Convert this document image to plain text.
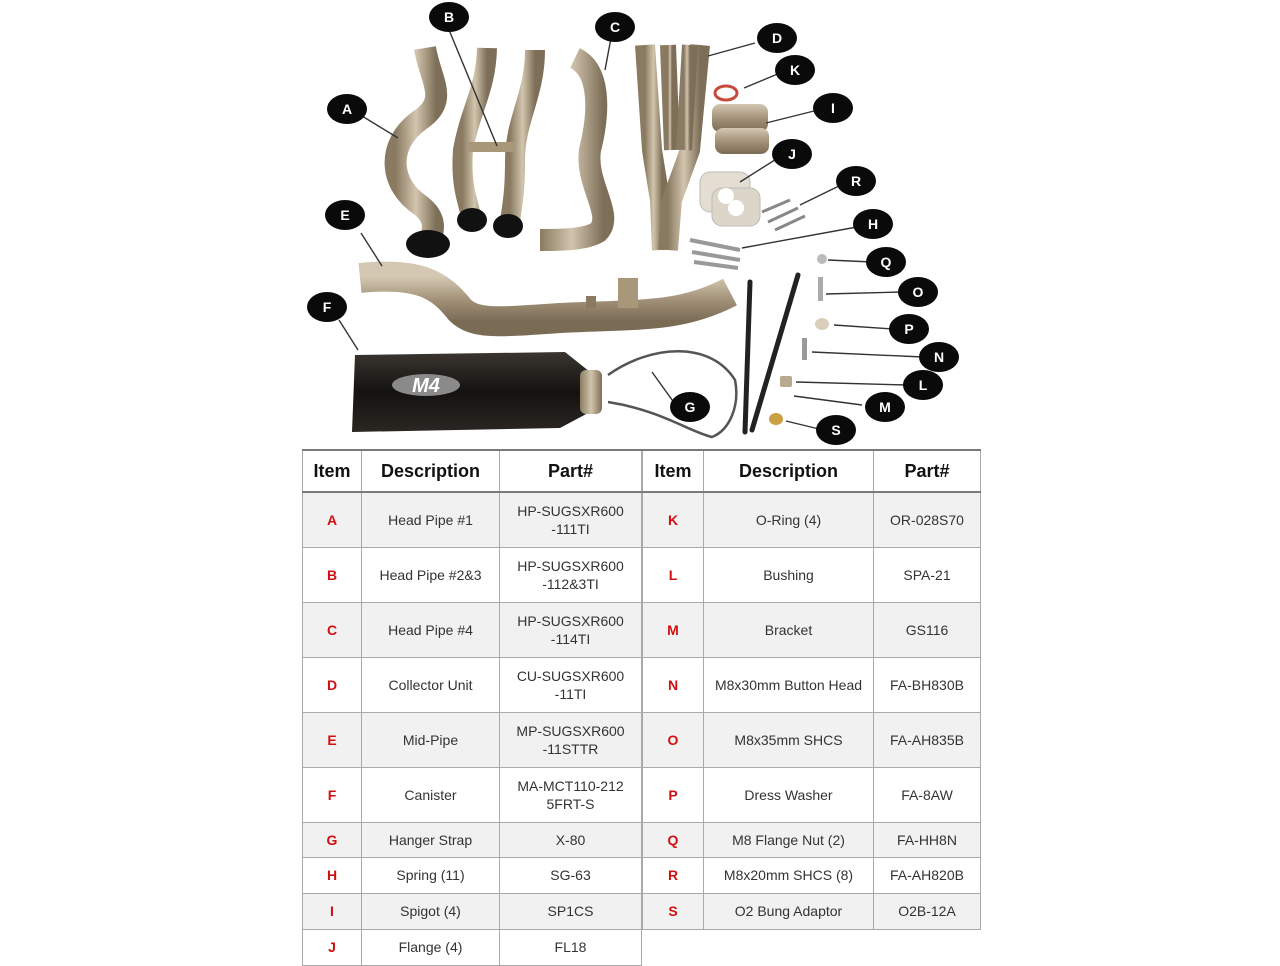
M4
A
B
C
D
E
F
G
H
I
J
K
L
M
N
O
P
Q
R
S
Item	Description	Part#
A	Head Pipe #1	HP-SUGSXR600 -111TI
B	Head Pipe #2&3	HP-SUGSXR600 -112&3TI
C	Head Pipe #4	HP-SUGSXR600 -114TI
D	Collector Unit	CU-SUGSXR600 -11TI
E	Mid-Pipe	MP-SUGSXR600 -11STTR
F	Canister	MA-MCT110-212 5FRT-S
G	Hanger Strap	X-80
H	Spring (11)	SG-63
I	Spigot (4)	SP1CS
J	Flange (4)	FL18
Item	Description	Part#
K	O-Ring (4)	OR-028S70
L	Bushing	SPA-21
M	Bracket	GS116
N	M8x30mm Button Head	FA-BH830B
O	M8x35mm SHCS	FA-AH835B
P	Dress Washer	FA-8AW
Q	M8 Flange Nut (2)	FA-HH8N
R	M8x20mm SHCS (8)	FA-AH820B
S	O2 Bung Adaptor	O2B-12A
